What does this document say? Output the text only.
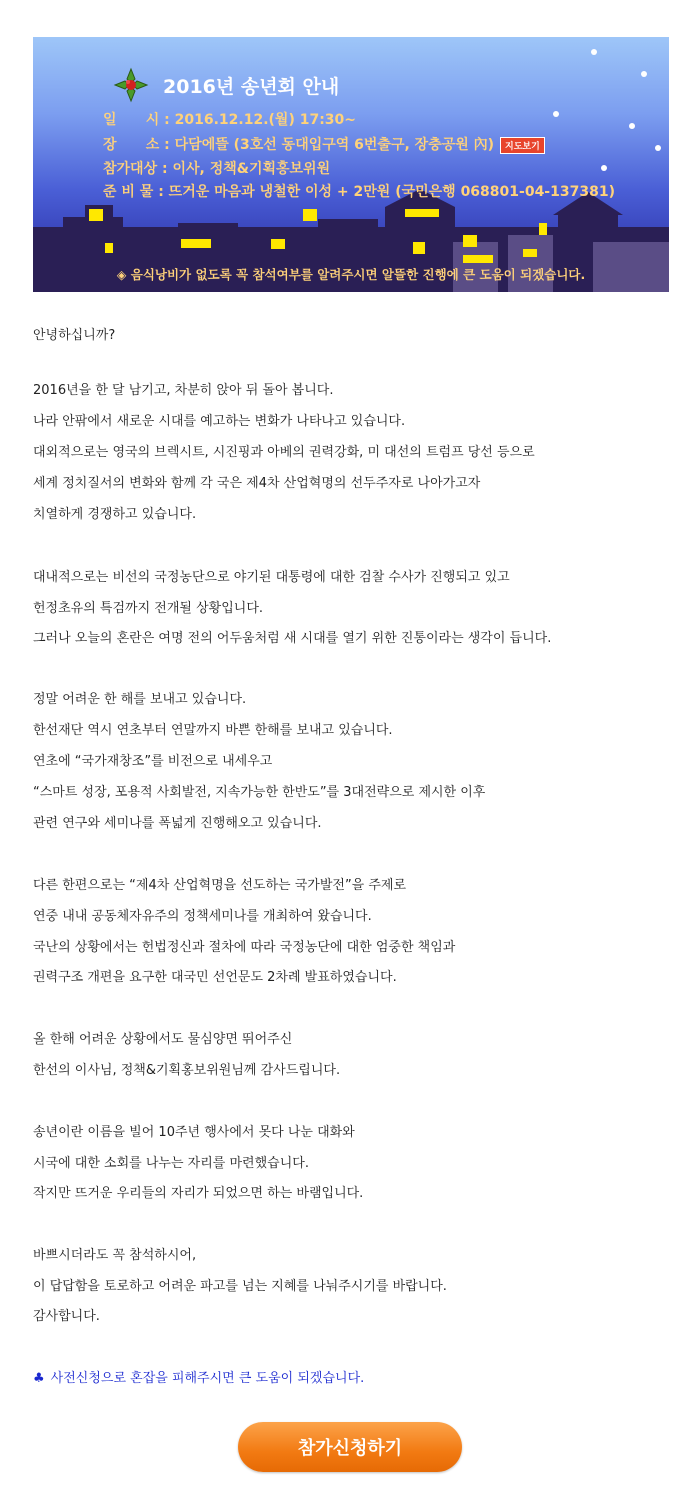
2016년 송년회 안내
일      시 : 2016.12.12.(월) 17:30~
장      소 : 다담에뜰 (3호선 동대입구역 6번출구, 장충공원 內) 지도보기
참가대상 : 이사, 정책&기획홍보위원
준 비 물 : 뜨거운 마음과 냉철한 이성 + 2만원 (국민은행 068801-04-137381)
◈ 음식낭비가 없도록 꼭 참석여부를 알려주시면 알뜰한 진행에 큰 도움이 되겠습니다.
안녕하십니까?
2016년을 한 달 남기고, 차분히 앉아 뒤 돌아 봅니다.
나라 안팎에서 새로운 시대를 예고하는 변화가 나타나고 있습니다.
대외적으로는 영국의 브렉시트, 시진핑과 아베의 권력강화, 미 대선의 트럼프 당선 등으로
세계 정치질서의 변화와 함께 각 국은 제4차 산업혁명의 선두주자로 나아가고자
치열하게 경쟁하고 있습니다.
대내적으로는 비선의 국정농단으로 야기된 대통령에 대한 검찰 수사가 진행되고 있고
헌정초유의 특검까지 전개될 상황입니다.
그러나 오늘의 혼란은 여명 전의 어두움처럼 새 시대를 열기 위한 진통이라는 생각이 듭니다.
정말 어려운 한 해를 보내고 있습니다.
한선재단 역시 연초부터 연말까지 바쁜 한해를 보내고 있습니다.
연초에 “국가재창조”를 비전으로 내세우고
“스마트 성장, 포용적 사회발전, 지속가능한 한반도”를 3대전략으로 제시한 이후
관련 연구와 세미나를 폭넓게 진행해오고 있습니다.
다른 한편으로는 “제4차 산업혁명을 선도하는 국가발전”을 주제로
연중 내내 공동체자유주의 정책세미나를 개최하여 왔습니다.
국난의 상황에서는 헌법정신과 절차에 따라 국정농단에 대한 엄중한 책임과
권력구조 개편을 요구한 대국민 선언문도 2차례 발표하였습니다.
올 한해 어려운 상황에서도 물심양면 뛰어주신
한선의 이사님, 정책&기획홍보위원님께 감사드립니다.
송년이란 이름을 빌어 10주년 행사에서 못다 나눈 대화와
시국에 대한 소회를 나누는 자리를 마련했습니다.
작지만 뜨거운 우리들의 자리가 되었으면 하는 바램입니다.
바쁘시더라도 꼭 참석하시어,
이 답답함을 토로하고 어려운 파고를 넘는 지혜를 나눠주시기를 바랍니다.
감사합니다.
♣ 사전신청으로 혼잡을 피해주시면 큰 도움이 되겠습니다.
참가신청하기
